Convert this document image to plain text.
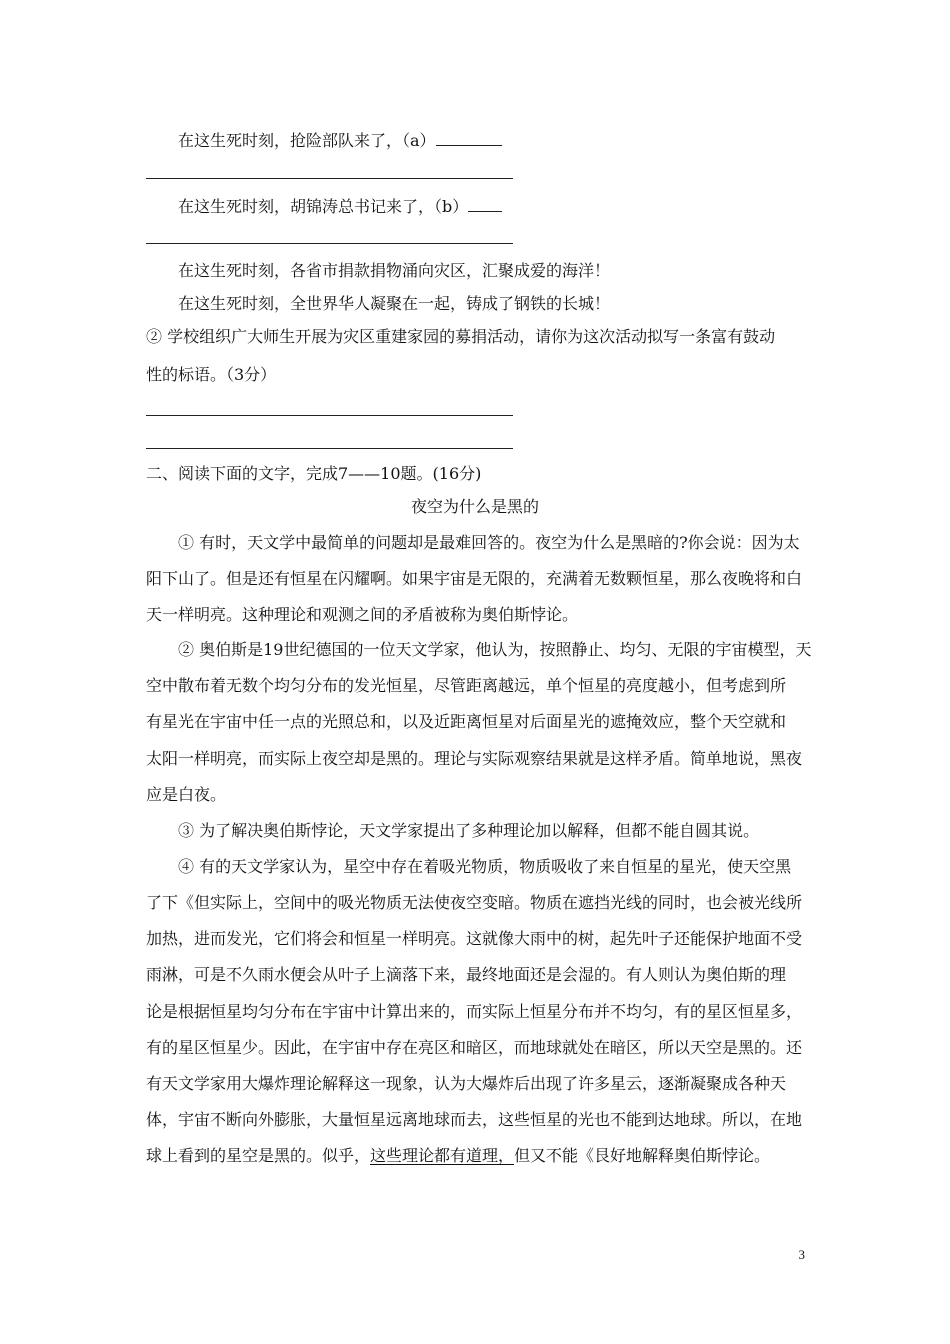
在这生死时刻，抢险部队来了，（a）
在这生死时刻，胡锦涛总书记来了，（b）
在这生死时刻，各省市捐款捐物涌向灾区，汇聚成爱的海洋！
在这生死时刻，全世界华人凝聚在一起，铸成了钢铁的长城！
② 学校组织广大师生开展为灾区重建家园的募捐活动，请你为这次活动拟写一条富有鼓动
性的标语。（3分）
二、阅读下面的文字，完成7——10题。(16分)
夜空为什么是黑的
① 有时，天文学中最简单的问题却是最难回答的。夜空为什么是黑暗的?你会说：因为太
阳下山了。但是还有恒星在闪耀啊。如果宇宙是无限的，充满着无数颗恒星，那么夜晚将和白
天一样明亮。这种理论和观测之间的矛盾被称为奥伯斯悖论。
② 奥伯斯是19世纪德国的一位天文学家，他认为，按照静止、均匀、无限的宇宙模型，天
空中散布着无数个均匀分布的发光恒星，尽管距离越远，单个恒星的亮度越小，但考虑到所
有星光在宇宙中任一点的光照总和，以及近距离恒星对后面星光的遮掩效应，整个天空就和
太阳一样明亮，而实际上夜空却是黑的。理论与实际观察结果就是这样矛盾。简单地说，黑夜
应是白夜。
③ 为了解决奥伯斯悖论，天文学家提出了多种理论加以解释，但都不能自圆其说。
④ 有的天文学家认为，星空中存在着吸光物质，物质吸收了来自恒星的星光，使天空黑
了下《但实际上，空间中的吸光物质无法使夜空变暗。物质在遮挡光线的同时，也会被光线所
加热，进而发光，它们将会和恒星一样明亮。这就像大雨中的树，起先叶子还能保护地面不受
雨淋，可是不久雨水便会从叶子上滴落下来，最终地面还是会湿的。有人则认为奥伯斯的理
论是根据恒星均匀分布在宇宙中计算出来的，而实际上恒星分布并不均匀，有的星区恒星多，
有的星区恒星少。因此，在宇宙中存在亮区和暗区，而地球就处在暗区，所以天空是黑的。还
有天文学家用大爆炸理论解释这一现象，认为大爆炸后出现了许多星云，逐渐凝聚成各种天
体，宇宙不断向外膨胀，大量恒星远离地球而去，这些恒星的光也不能到达地球。所以，在地
球上看到的星空是黑的。似乎，这些理论都有道理，但又不能《艮好地解释奥伯斯悖论。
3
